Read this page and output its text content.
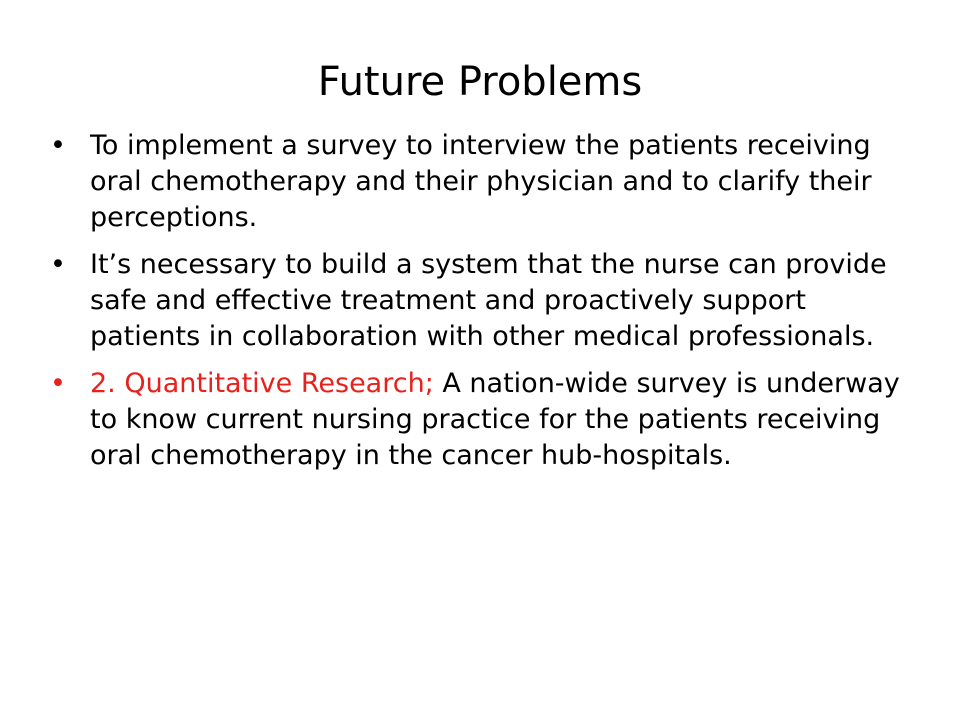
Future Problems
• To implement a survey to interview the patients receiving oral chemotherapy and their physician and to clarify their perceptions.
• It’s necessary to build a system that the nurse can provide safe and effective treatment and proactively support patients in collaboration with other medical professionals.
• 2. Quantitative Research; A nation-wide survey is underway to know current nursing practice for the patients receiving oral chemotherapy in the cancer hub-hospitals.
